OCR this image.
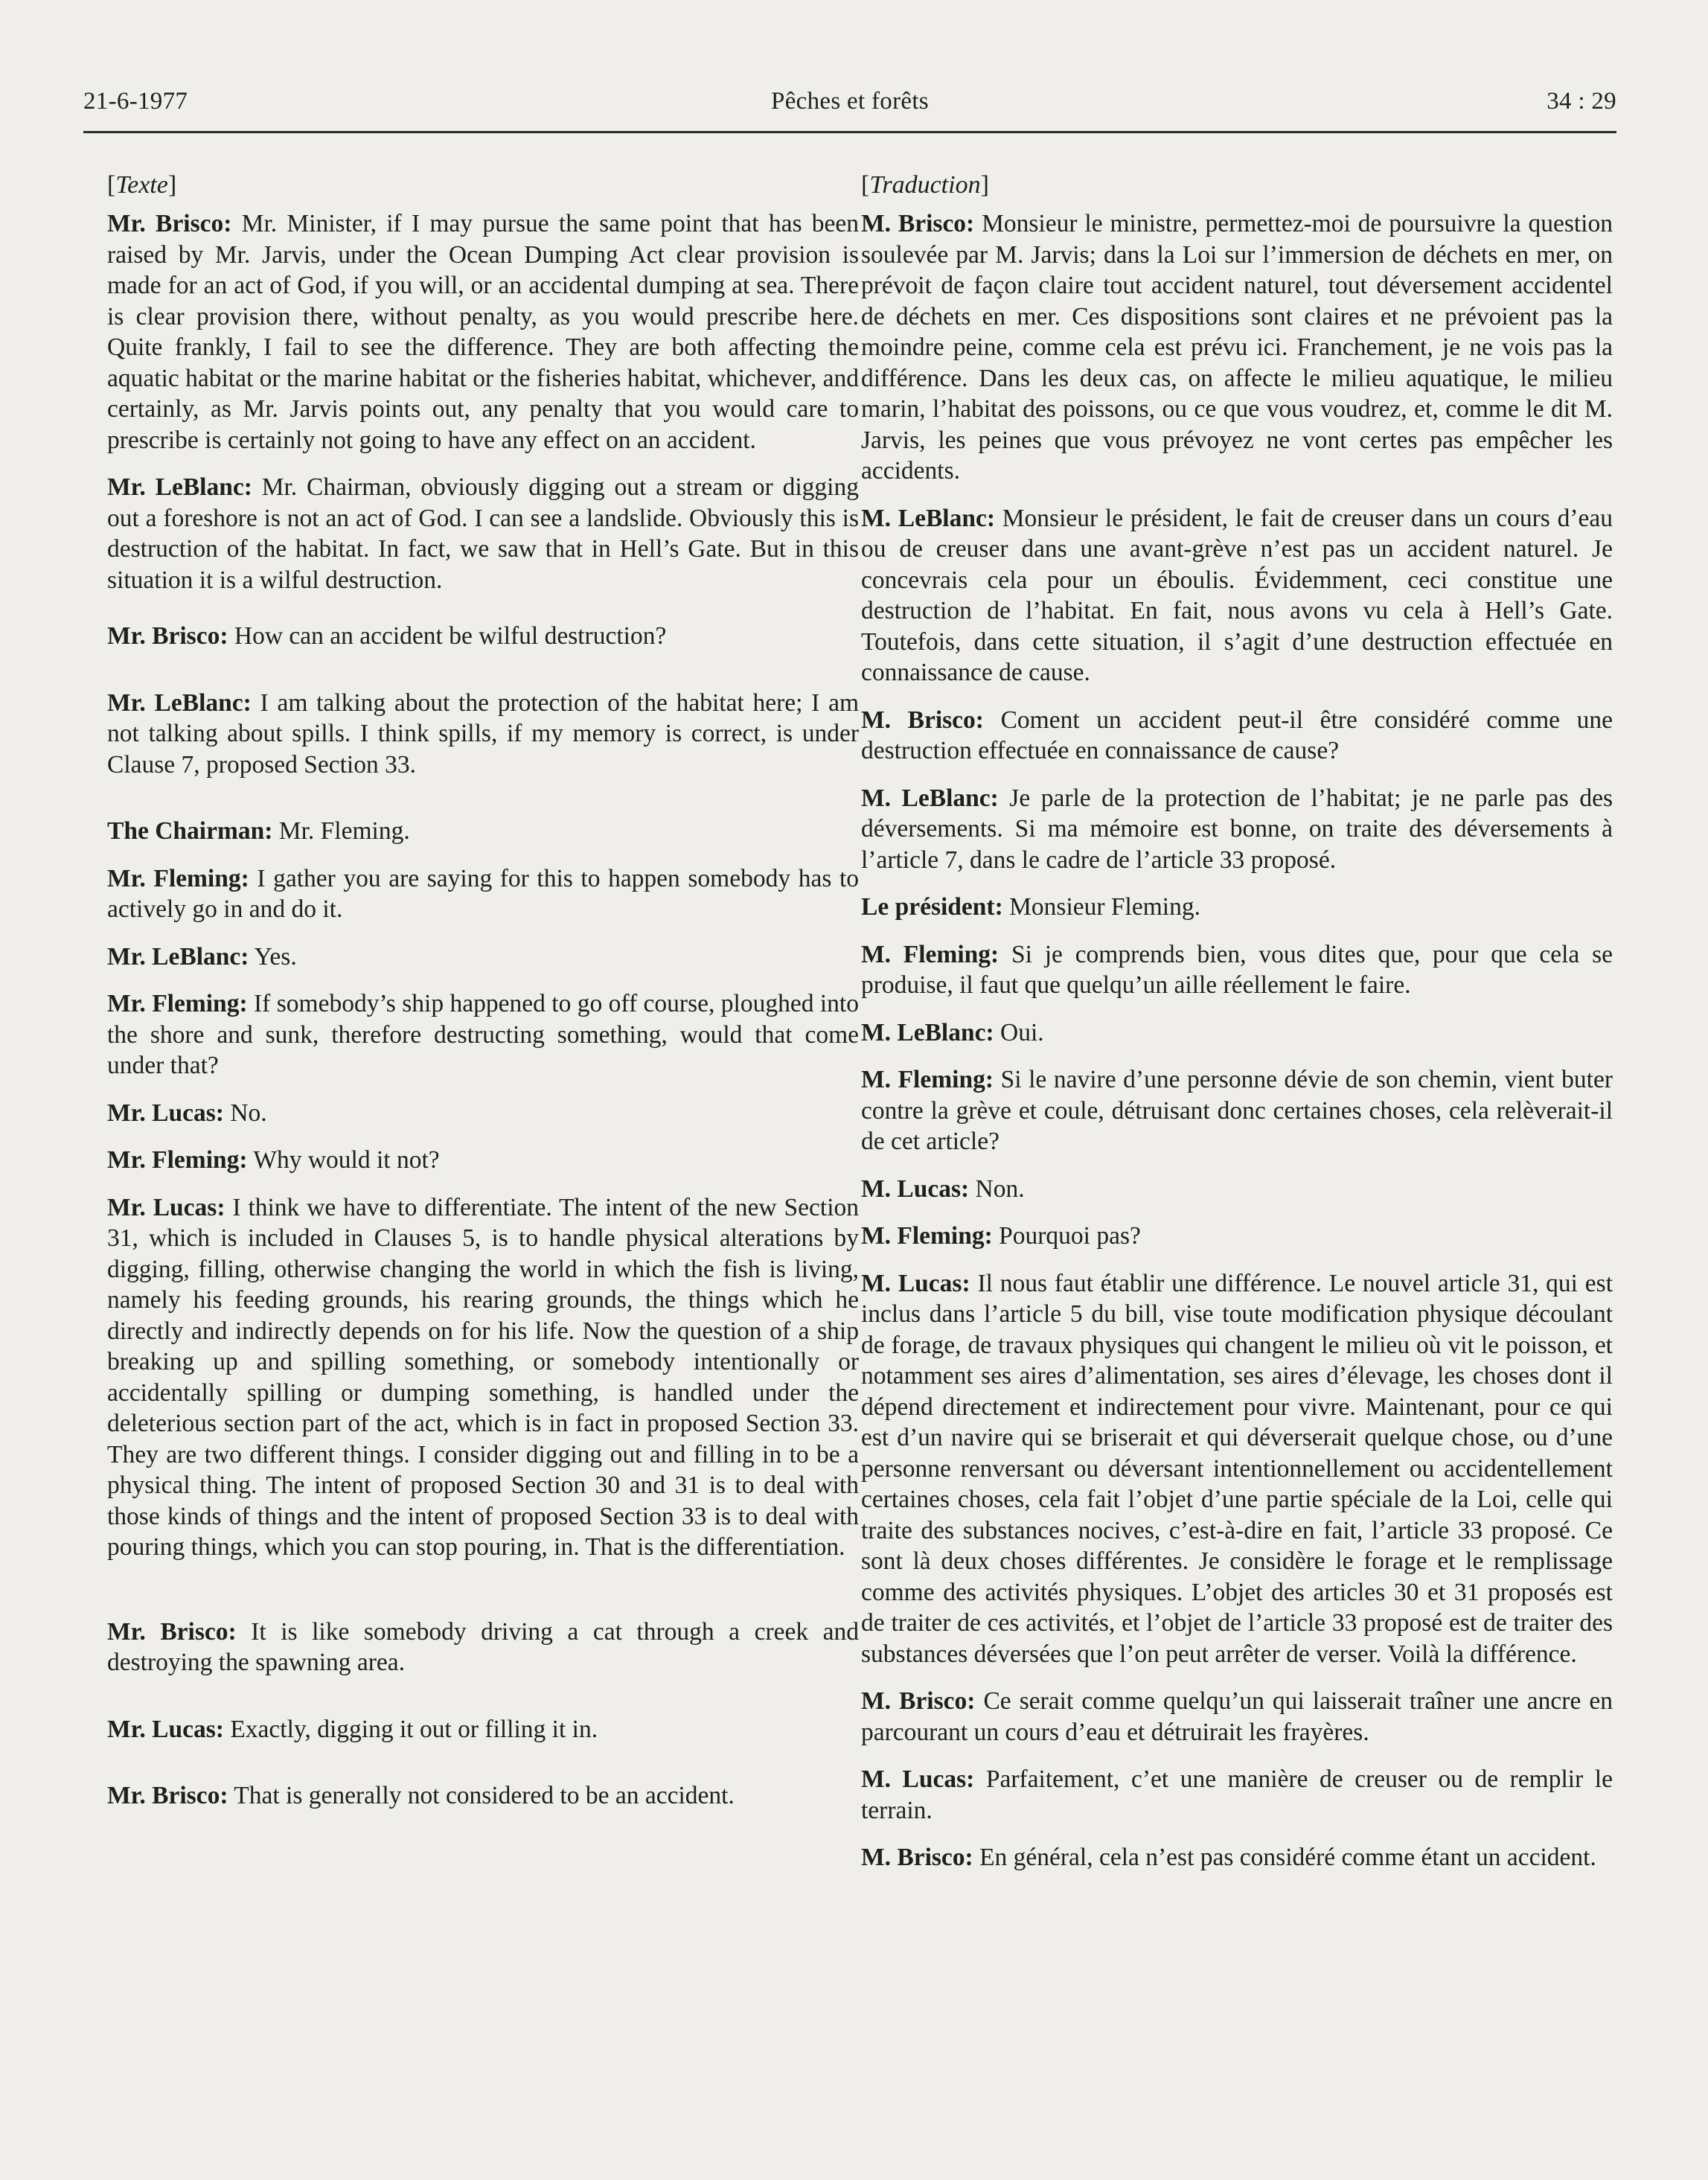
21-6-1977	Pêches et forêts	34 : 29

[Texte]

Mr. Brisco: Mr. Minister, if I may pursue the same point that has been raised by Mr. Jarvis, under the Ocean Dumping Act clear provision is made for an act of God, if you will, or an accidental dumping at sea. There is clear provision there, without penalty, as you would prescribe here. Quite frankly, I fail to see the difference. They are both affecting the aquatic habitat or the marine habitat or the fisheries habitat, whichever, and certainly, as Mr. Jarvis points out, any penalty that you would care to prescribe is certainly not going to have any effect on an accident.

Mr. LeBlanc: Mr. Chairman, obviously digging out a stream or digging out a foreshore is not an act of God. I can see a landslide. Obviously this is destruction of the habitat. In fact, we saw that in Hell’s Gate. But in this situation it is a wilful destruction.

Mr. Brisco: How can an accident be wilful destruction?

Mr. LeBlanc: I am talking about the protection of the habitat here; I am not talking about spills. I think spills, if my memory is correct, is under Clause 7, proposed Section 33.

The Chairman: Mr. Fleming.

Mr. Fleming: I gather you are saying for this to happen somebody has to actively go in and do it.

Mr. LeBlanc: Yes.

Mr. Fleming: If somebody’s ship happened to go off course, ploughed into the shore and sunk, therefore destructing something, would that come under that?

Mr. Lucas: No.

Mr. Fleming: Why would it not?

Mr. Lucas: I think we have to differentiate. The intent of the new Section 31, which is included in Clauses 5, is to handle physical alterations by digging, filling, otherwise changing the world in which the fish is living, namely his feeding grounds, his rearing grounds, the things which he directly and indirectly depends on for his life. Now the question of a ship breaking up and spilling something, or somebody intentionally or accidentally spilling or dumping something, is handled under the deleterious section part of the act, which is in fact in proposed Section 33. They are two different things. I consider digging out and filling in to be a physical thing. The intent of proposed Section 30 and 31 is to deal with those kinds of things and the intent of proposed Section 33 is to deal with pouring things, which you can stop pouring, in. That is the differentiation.

Mr. Brisco: It is like somebody driving a cat through a creek and destroying the spawning area.

Mr. Lucas: Exactly, digging it out or filling it in.

Mr. Brisco: That is generally not considered to be an accident.

[Traduction]

M. Brisco: Monsieur le ministre, permettez-moi de poursuivre la question soulevée par M. Jarvis; dans la Loi sur l’immersion de déchets en mer, on prévoit de façon claire tout accident naturel, tout déversement accidentel de déchets en mer. Ces dispositions sont claires et ne prévoient pas la moindre peine, comme cela est prévu ici. Franchement, je ne vois pas la différence. Dans les deux cas, on affecte le milieu aquatique, le milieu marin, l’habitat des poissons, ou ce que vous voudrez, et, comme le dit M. Jarvis, les peines que vous prévoyez ne vont certes pas empêcher les accidents.

M. LeBlanc: Monsieur le président, le fait de creuser dans un cours d’eau ou de creuser dans une avant-grève n’est pas un accident naturel. Je concevrais cela pour un éboulis. Évidemment, ceci constitue une destruction de l’habitat. En fait, nous avons vu cela à Hell’s Gate. Toutefois, dans cette situation, il s’agit d’une destruction effectuée en connaissance de cause.

M. Brisco: Coment un accident peut-il être considéré comme une destruction effectuée en connaissance de cause?

M. LeBlanc: Je parle de la protection de l’habitat; je ne parle pas des déversements. Si ma mémoire est bonne, on traite des déversements à l’article 7, dans le cadre de l’article 33 proposé.

Le président: Monsieur Fleming.

M. Fleming: Si je comprends bien, vous dites que, pour que cela se produise, il faut que quelqu’un aille réellement le faire.

M. LeBlanc: Oui.

M. Fleming: Si le navire d’une personne dévie de son chemin, vient buter contre la grève et coule, détruisant donc certaines choses, cela relèverait-il de cet article?

M. Lucas: Non.

M. Fleming: Pourquoi pas?

M. Lucas: Il nous faut établir une différence. Le nouvel article 31, qui est inclus dans l’article 5 du bill, vise toute modification physique découlant de forage, de travaux physiques qui changent le milieu où vit le poisson, et notamment ses aires d’alimentation, ses aires d’élevage, les choses dont il dépend directement et indirectement pour vivre. Maintenant, pour ce qui est d’un navire qui se briserait et qui déverserait quelque chose, ou d’une personne renversant ou déversant intentionnellement ou accidentellement certaines choses, cela fait l’objet d’une partie spéciale de la Loi, celle qui traite des substances nocives, c’est-à-dire en fait, l’article 33 proposé. Ce sont là deux choses différentes. Je considère le forage et le remplissage comme des activités physiques. L’objet des articles 30 et 31 proposés est de traiter de ces activités, et l’objet de l’article 33 proposé est de traiter des substances déversées que l’on peut arrêter de verser. Voilà la différence.

M. Brisco: Ce serait comme quelqu’un qui laisserait traîner une ancre en parcourant un cours d’eau et détruirait les frayères.

M. Lucas: Parfaitement, c’et une manière de creuser ou de remplir le terrain.

M. Brisco: En général, cela n’est pas considéré comme étant un accident.
